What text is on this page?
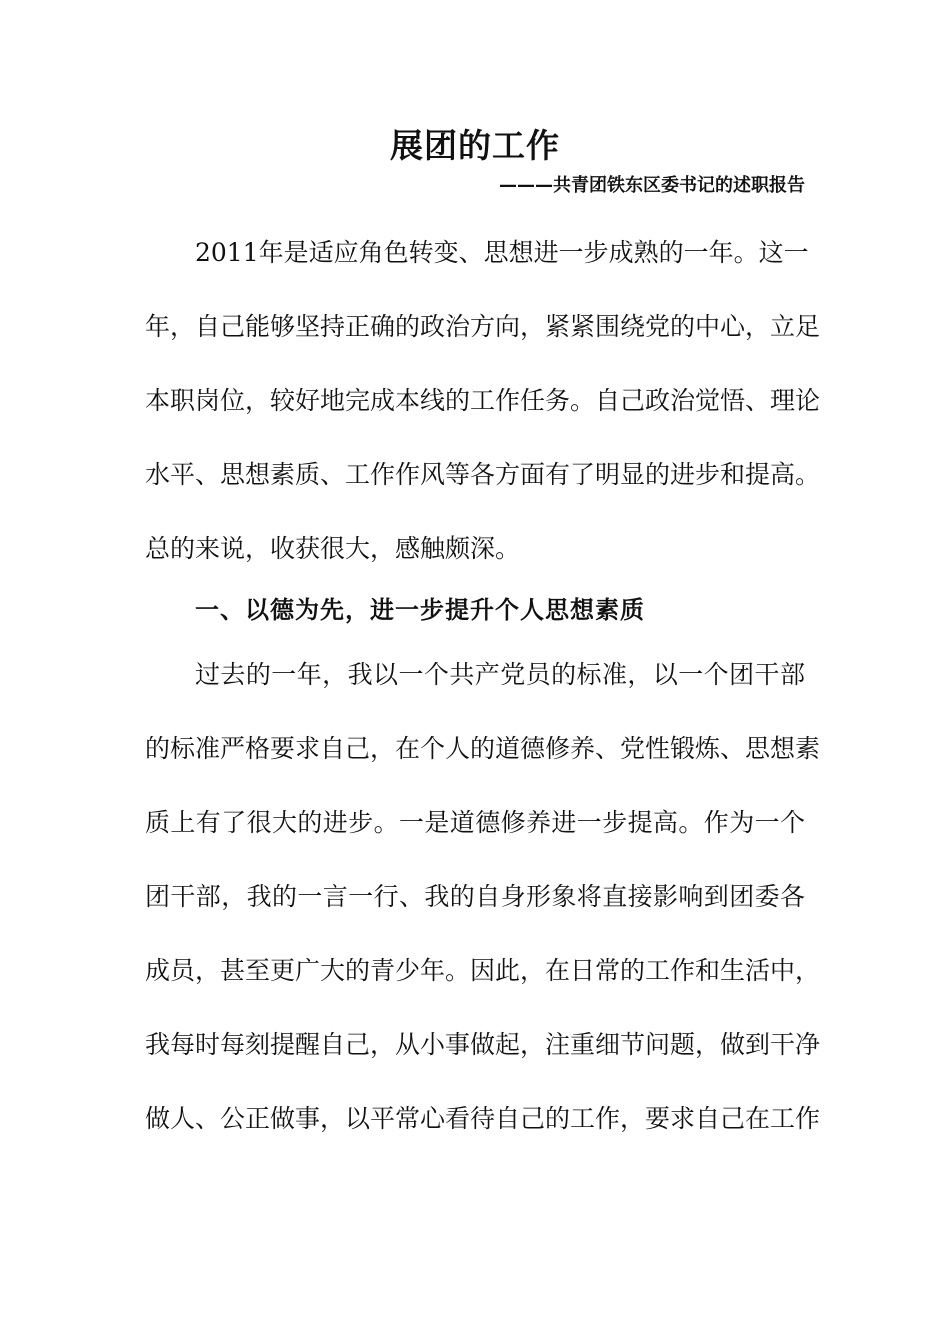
展团的工作
———共青团铁东区委书记的述职报告

2011年是适应角色转变、思想进一步成熟的一年。这一

年，自己能够坚持正确的政治方向，紧紧围绕党的中心，立足

本职岗位，较好地完成本线的工作任务。自己政治觉悟、理论

水平、思想素质、工作作风等各方面有了明显的进步和提高。

总的来说，收获很大，感触颇深。

一、以德为先，进一步提升个人思想素质

过去的一年，我以一个共产党员的标准，以一个团干部

的标准严格要求自己，在个人的道德修养、党性锻炼、思想素

质上有了很大的进步。一是道德修养进一步提高。作为一个

团干部，我的一言一行、我的自身形象将直接影响到团委各

成员，甚至更广大的青少年。因此，在日常的工作和生活中，

我每时每刻提醒自己，从小事做起，注重细节问题，做到干净

做人、公正做事，以平常心看待自己的工作，要求自己在工作
